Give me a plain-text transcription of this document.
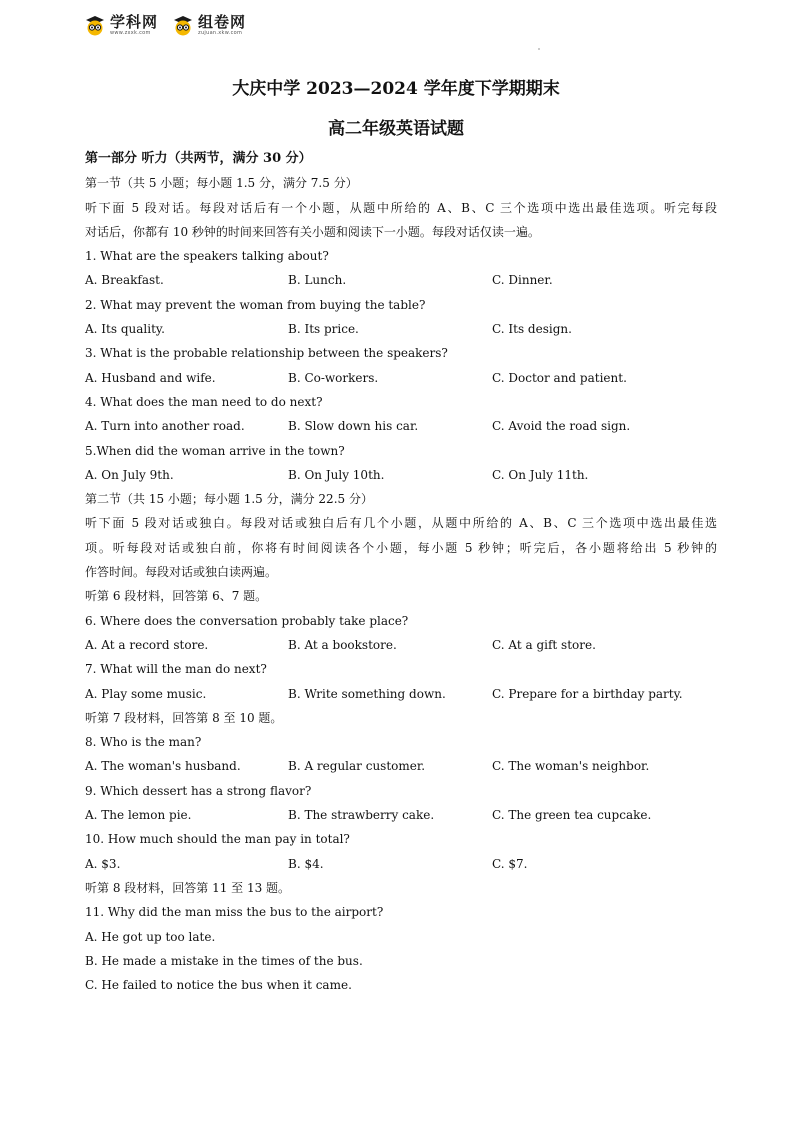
学科网
www.zxxk.com
组卷网
zujuan.xkw.com
大庆中学 2023—2024 学年度下学期期末
高二年级英语试题
第一部分 听力（共两节，满分 30 分）
第一节（共 5 小题；每小题 1.5 分，满分 7.5 分）
听下面 5 段对话。每段对话后有一个小题，从题中所给的 A、B、C 三个选项中选出最佳选项。听完每段
对话后，你都有 10 秒钟的时间来回答有关小题和阅读下一小题。每段对话仅读一遍。
1. What are the speakers talking about?
A. Breakfast.	B. Lunch.	C. Dinner.
2. What may prevent the woman from buying the table?
A. Its quality.	B. Its price.	C. Its design.
3. What is the probable relationship between the speakers?
A. Husband and wife.	B. Co-workers.	C. Doctor and patient.
4. What does the man need to do next?
A. Turn into another road.	B. Slow down his car.	C. Avoid the road sign.
5.When did the woman arrive in the town?
A. On July 9th.	B. On July 10th.	C. On July 11th.
第二节（共 15 小题；每小题 1.5 分，满分 22.5 分）
听下面 5 段对话或独白。每段对话或独白后有几个小题，从题中所给的 A、B、C 三个选项中选出最佳选
项。听每段对话或独白前，你将有时间阅读各个小题，每小题 5 秒钟；听完后，各小题将给出 5 秒钟的
作答时间。每段对话或独白读两遍。
听第 6 段材料，回答第 6、7 题。
6. Where does the conversation probably take place?
A. At a record store.	B. At a bookstore.	C. At a gift store.
7. What will the man do next?
A. Play some music.	B. Write something down.	C. Prepare for a birthday party.
听第 7 段材料，回答第 8 至 10 题。
8. Who is the man?
A. The woman's husband.	B. A regular customer.	C. The woman's neighbor.
9. Which dessert has a strong flavor?
A. The lemon pie.	B. The strawberry cake.	C. The green tea cupcake.
10. How much should the man pay in total?
A. $3.	B. $4.	C. $7.
听第 8 段材料，回答第 11 至 13 题。
11. Why did the man miss the bus to the airport?
A. He got up too late.
B. He made a mistake in the times of the bus.
C. He failed to notice the bus when it came.
